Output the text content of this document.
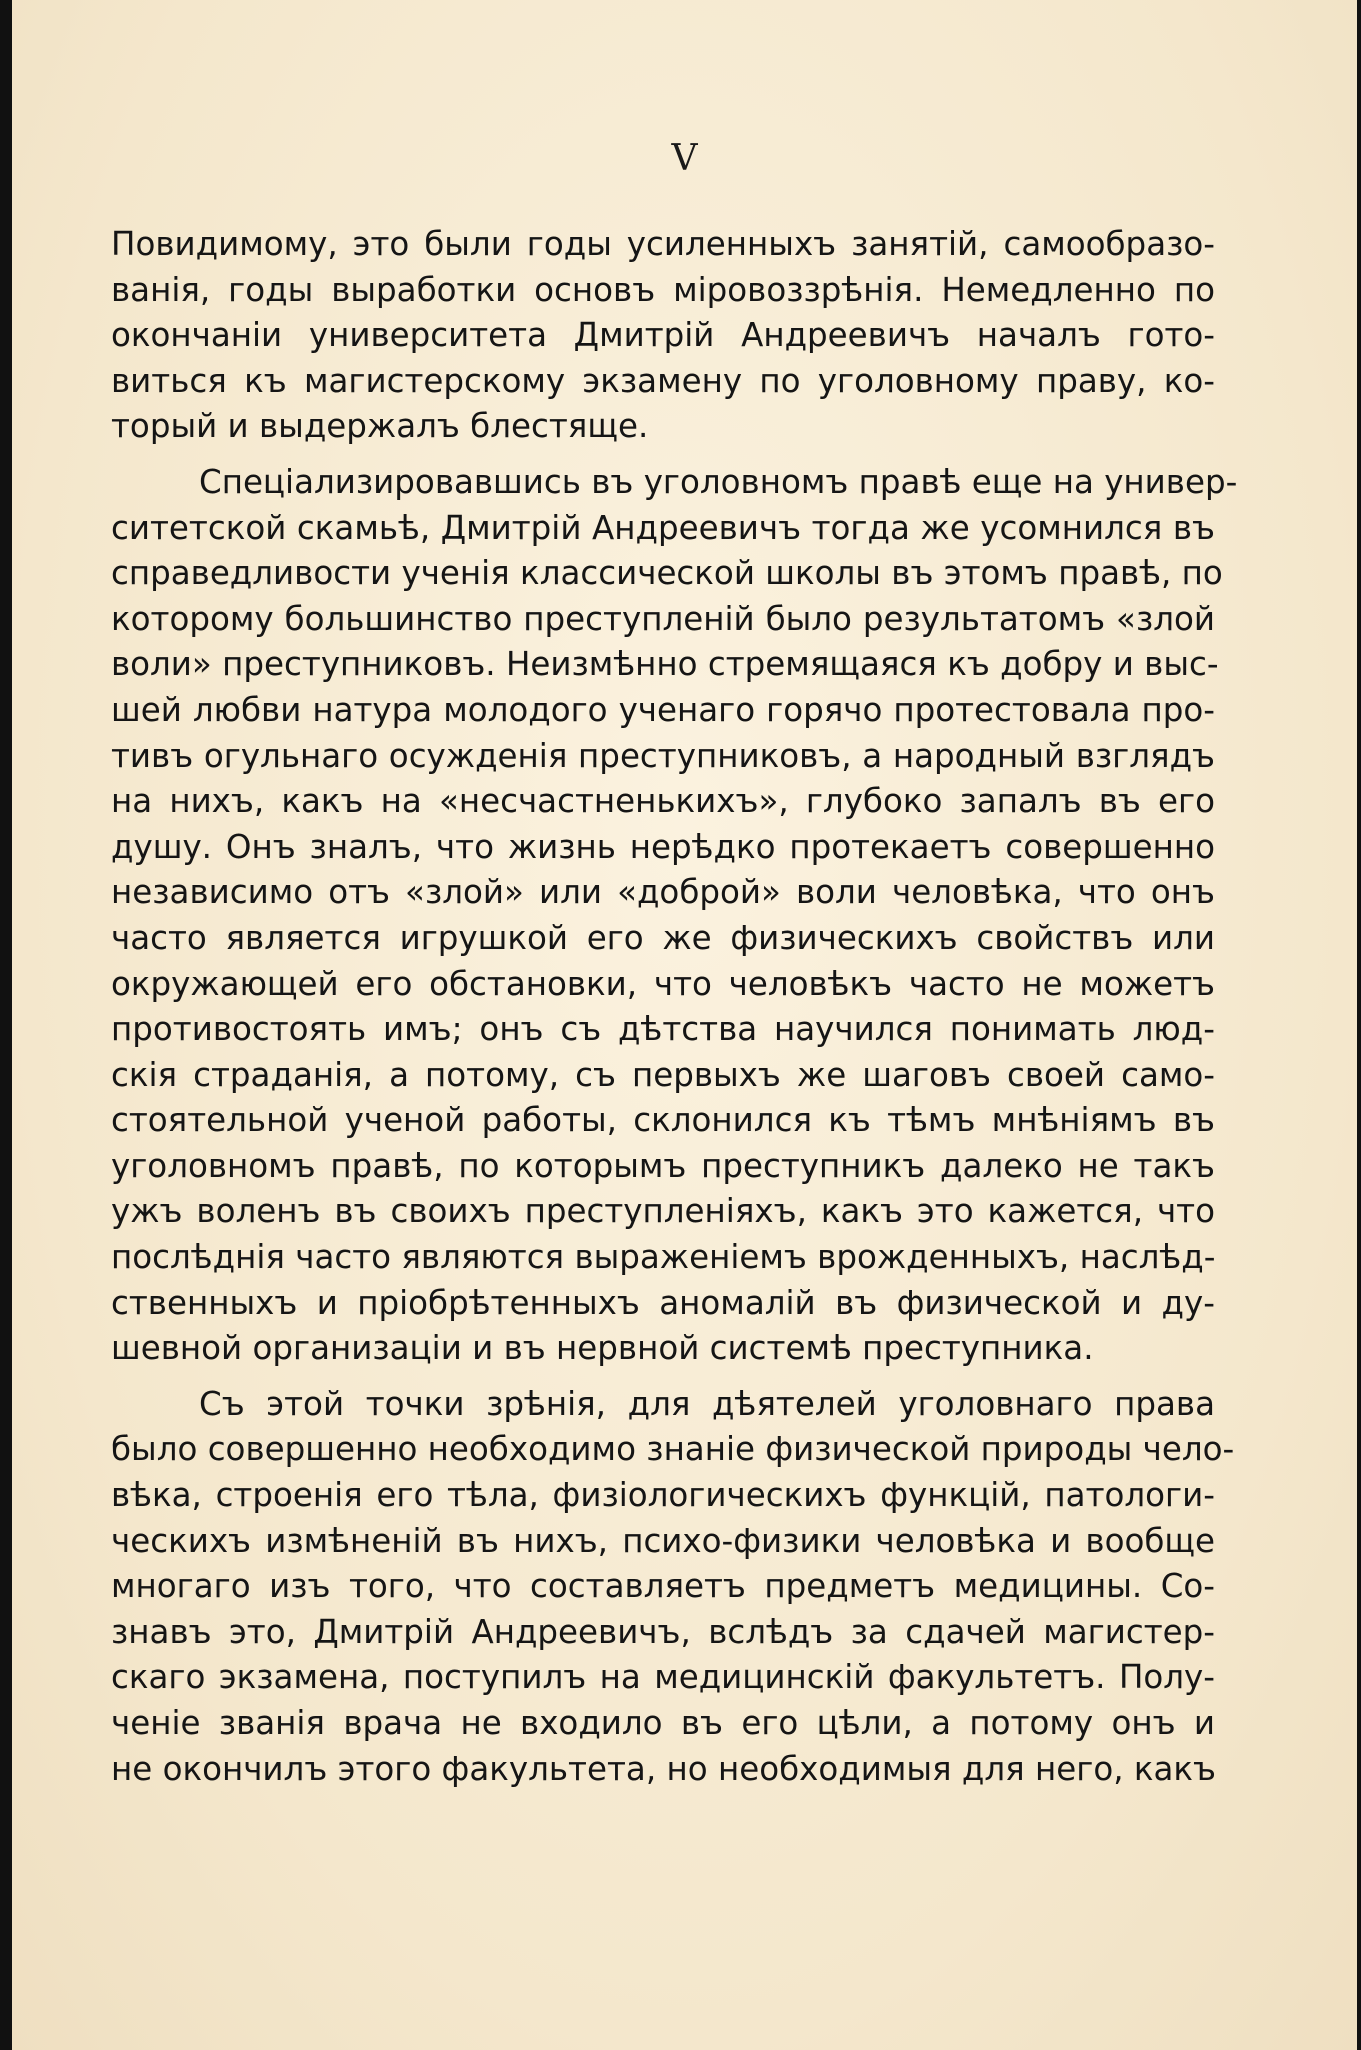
V
Повидимому, это были годы усиленныхъ занятій, самообразо-
ванія, годы выработки основъ міровоззрѣнія. Немедленно по
окончаніи университета Дмитрій Андреевичъ началъ гото-
виться къ магистерскому экзамену по уголовному праву, ко-
торый и выдержалъ блестяще.
Спеціализировавшись въ уголовномъ правѣ еще на универ-
ситетской скамьѣ, Дмитрій Андреевичъ тогда же усомнился въ
справедливости ученія классической школы въ этомъ правѣ, по
которому большинство преступленій было результатомъ «злой
воли» преступниковъ. Неизмѣнно стремящаяся къ добру и выс-
шей любви натура молодого ученаго горячо протестовала про-
тивъ огульнаго осужденія преступниковъ, а народный взглядъ
на нихъ, какъ на «несчастненькихъ», глубоко запалъ въ его
душу. Онъ зналъ, что жизнь нерѣдко протекаетъ совершенно
независимо отъ «злой» или «доброй» воли человѣка, что онъ
часто является игрушкой его же физическихъ свойствъ или
окружающей его обстановки, что человѣкъ часто не можетъ
противостоять имъ; онъ съ дѣтства научился понимать люд-
скія страданія, а потому, съ первыхъ же шаговъ своей само-
стоятельной ученой работы, склонился къ тѣмъ мнѣніямъ въ
уголовномъ правѣ, по которымъ преступникъ далеко не такъ
ужъ воленъ въ своихъ преступленіяхъ, какъ это кажется, что
послѣднія часто являются выраженіемъ врожденныхъ, наслѣд-
ственныхъ и пріобрѣтенныхъ аномалій въ физической и ду-
шевной организаціи и въ нервной системѣ преступника.
Съ этой точки зрѣнія, для дѣятелей уголовнаго права
было совершенно необходимо знаніе физической природы чело-
вѣка, строенія его тѣла, физіологическихъ функцій, патологи-
ческихъ измѣненій въ нихъ, психо-физики человѣка и вообще
многаго изъ того, что составляетъ предметъ медицины. Со-
знавъ это, Дмитрій Андреевичъ, вслѣдъ за сдачей магистер-
скаго экзамена, поступилъ на медицинскій факультетъ. Полу-
ченіе званія врача не входило въ его цѣли, а потому онъ и
не окончилъ этого факультета, но необходимыя для него, какъ
